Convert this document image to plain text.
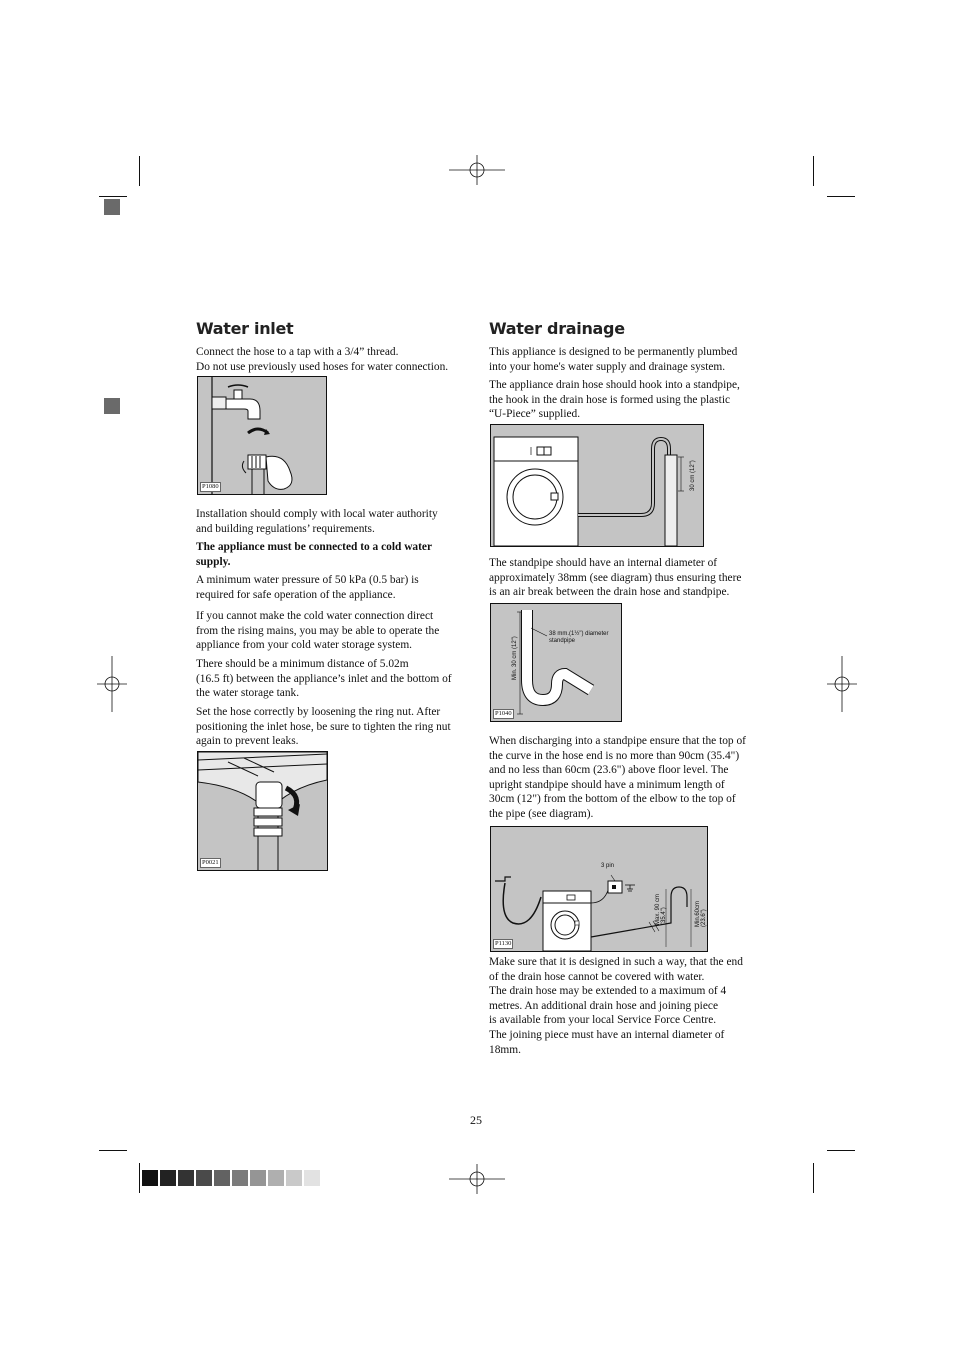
Water inlet
Connect the hose to a tap with a 3/4” thread.
Do not use previously used hoses for water connection.
P1080
Installation should comply with local water authority
and building regulations’ requirements.
The appliance must be connected to a cold water
supply.
A minimum water pressure of 50 kPa (0.5 bar) is
required for safe operation of the appliance.
If you cannot make the cold water connection direct
from the rising mains, you may be able to operate the
appliance from your cold water storage system.
There should be a minimum distance of 5.02m
(16.5 ft) between the appliance’s inlet and the bottom of
the water storage tank.
Set the hose correctly by loosening the ring nut. After
positioning the inlet hose, be sure to tighten the ring nut
again to prevent leaks.
P0021
Water drainage
This appliance is designed to be permanently plumbed
into your home's water supply and drainage system.
The appliance drain hose should hook into a standpipe,
the hook in the drain hose is formed using the plastic
“U-Piece” supplied.
30 cm (12")
The standpipe should have an internal diameter of
approximately 38mm (see diagram) thus ensuring there
is an air break between the drain hose and standpipe.
38 mm.(1½") diameter standpipe
Min. 30 cm (12")
P1040
When discharging into a standpipe ensure that the top of
the curve in the hose end is no more than 90cm (35.4")
and no less than 60cm (23.6") above floor level. The
upright standpipe should have a minimum length of
30cm (12") from the bottom of the elbow to the top of
the pipe (see diagram).
3 pin
Max. 90 cm (35.4")	Min.60cm (23.6")
P1130
Make sure that it is designed in such a way, that the end
of the drain hose cannot be covered with water.
The drain hose may be extended to a maximum of 4
metres. An additional drain hose and joining piece
is available from your local Service Force Centre.
The joining piece must have an internal diameter of
18mm.
25
